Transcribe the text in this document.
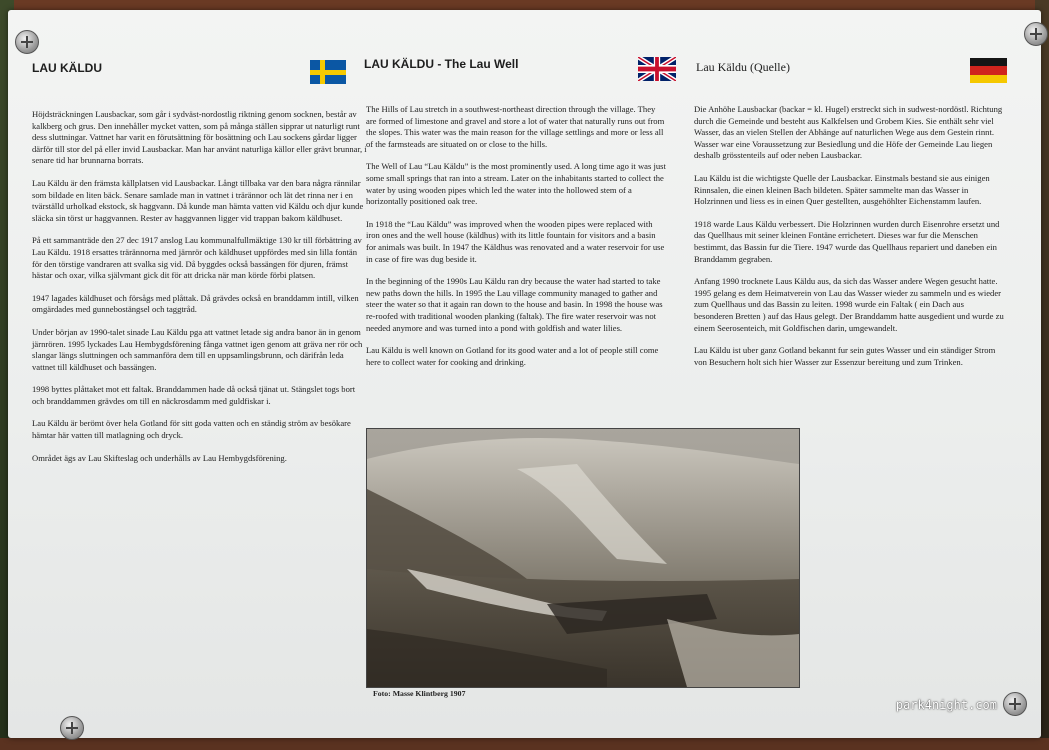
LAU KÄLDU

Höjdsträckningen Lausbackar, som går i sydväst-nordostlig riktning genom socknen, består av kalkberg och grus. Den innehåller mycket vatten, som på många ställen sipprar ut naturligt runt dess sluttningar. Vattnet har varit en förutsättning för bosättning och Lau sockens gårdar ligger därför till stor del på eller invid Lausbackar. Man har använt naturliga källor eller grävt brunnar, i senare tid har brunnarna borrats.

Lau Käldu är den främsta källplatsen vid Lausbackar. Långt tillbaka var den bara några rännilar som bildade en liten bäck. Senare samlade man in vattnet i trärännor och lät det rinna ner i en tvärställd urholkad ekstock, sk haggvann. Då kunde man hämta vatten vid Käldu och djur kunde släcka sin törst ur haggvannen. Rester av haggvannen ligger vid trappan bakom käldhuset.

På ett sammanträde den 27 dec 1917 anslog Lau kommunalfullmäktige 130 kr till förbättring av Lau Käldu. 1918 ersattes trärännorna med järnrör och käldhuset uppfördes med sin lilla fontän för den törstige vandraren att svalka sig vid. Då byggdes också bassängen för djuren, främst hästar och oxar, vilka självmant gick dit för att dricka när man körde förbi platsen.

1947 lagades käldhuset och försågs med plåttak. Då grävdes också en branddamm intill, vilken omgärdades med gunnebostängsel och taggtråd.

Under början av 1990-talet sinade Lau Käldu pga att vattnet letade sig andra banor än in genom järnrören. 1995 lyckades Lau Hembygdsförening fånga vattnet igen genom att gräva ner rör och slangar längs sluttningen och sammanföra dem till en uppsamlingsbrunn, och därifrån leda vattnet till käldhuset och bassängen.

1998 byttes plåttaket mot ett faltak. Branddammen hade då också tjänat ut. Stängslet togs bort och branddammen grävdes om till en näckrosdamm med guldfiskar i.

Lau Käldu är berömt över hela Gotland för sitt goda vatten och en ständig ström av besökare hämtar här vatten till matlagning och dryck.

Området ägs av Lau Skifteslag och underhålls av Lau Hembygdsförening.

LAU KÄLDU - The Lau Well

The Hills of Lau stretch in a southwest-northeast direction through the village. They are formed of limestone and gravel and store a lot of water that naturally runs out from the slopes. This water was the main reason for the village settlings and more or less all of the farmsteads are situated on or close to the hills.

The Well of Lau “Lau Käldu” is the most prominently used. A long time ago it was just some small springs that ran into a stream. Later on the inhabitants started to collect the water by using wooden pipes which led the water into the hollowed stem of a horizontally positioned oak tree.

In 1918 the “Lau Käldu” was improved when the wooden pipes were replaced with iron ones and the well house (käldhus) with its little fountain for visitors and a basin for animals was built. In 1947 the Käldhus was renovated and a water reservoir for use in case of fire was dug beside it.

In the beginning of the 1990s Lau Käldu ran dry because the water had started to take new paths down the hills. In 1995 the Lau village community managed to gather and steer the water so that it again ran down to the house and basin. In 1998 the house was re-roofed with traditional wooden planking (faltak). The fire water reservoir was not needed anymore and was turned into a pond with goldfish and water lilies.

Lau Käldu is well known on Gotland for its good water and a lot of people still come here to collect water for cooking and drinking.

Foto: Masse Klintberg 1907
Lau Käldu (Quelle)

Die Anhöhe Lausbackar (backar = kl. Hugel) erstreckt sich in sudwest-nordöstl. Richtung durch die Gemeinde und besteht aus Kalkfelsen und Grobem Kies. Sie enthält sehr viel Wasser, das an vielen Stellen der Abhänge auf naturlichen Wege aus dem Gestein rinnt. Wasser war eine Voraussetzung zur Besiedlung und die Höfe der Gemeinde Lau liegen deshalb grösstenteils auf oder neben Lausbackar.

Lau Käldu ist die wichtigste Quelle der Lausbackar. Einstmals bestand sie aus einigen Rinnsalen, die einen kleinen Bach bildeten. Später sammelte man das Wasser in Holzrinnen und liess es in einen Quer gestellten, ausgehöhlter Eichenstamm laufen.

1918 warde Laus Käldu verbessert. Die Holzrinnen wurden durch Eisenrohre ersetzt und das Quellhaus mit seiner kleinen Fontäne errichetert. Dieses war fur die Menschen bestimmt, das Bassin fur die Tiere. 1947 wurde das Quellhaus repariert und daneben ein Branddamm gegraben.

Anfang 1990 trocknete Laus Käldu aus, da sich das Wasser andere Wegen gesucht hatte. 1995 gelang es dem Heimatverein von Lau das Wasser wieder zu sammeln und es wieder zum Quellhaus und das Bassin zu leiten. 1998 wurde ein Faltak ( ein Dach aus besonderen Bretten ) auf das Haus gelegt. Der Branddamm hatte ausgedient und wurde zu einem Seerosenteich, mit Goldfischen darin, umgewandelt.

Lau Käldu ist uber ganz Gotland bekannt fur sein gutes Wasser und ein ständiger Strom von Besuchern holt sich hier Wasser zur Essenzur bereitung und zum Trinken.

park4night.com
